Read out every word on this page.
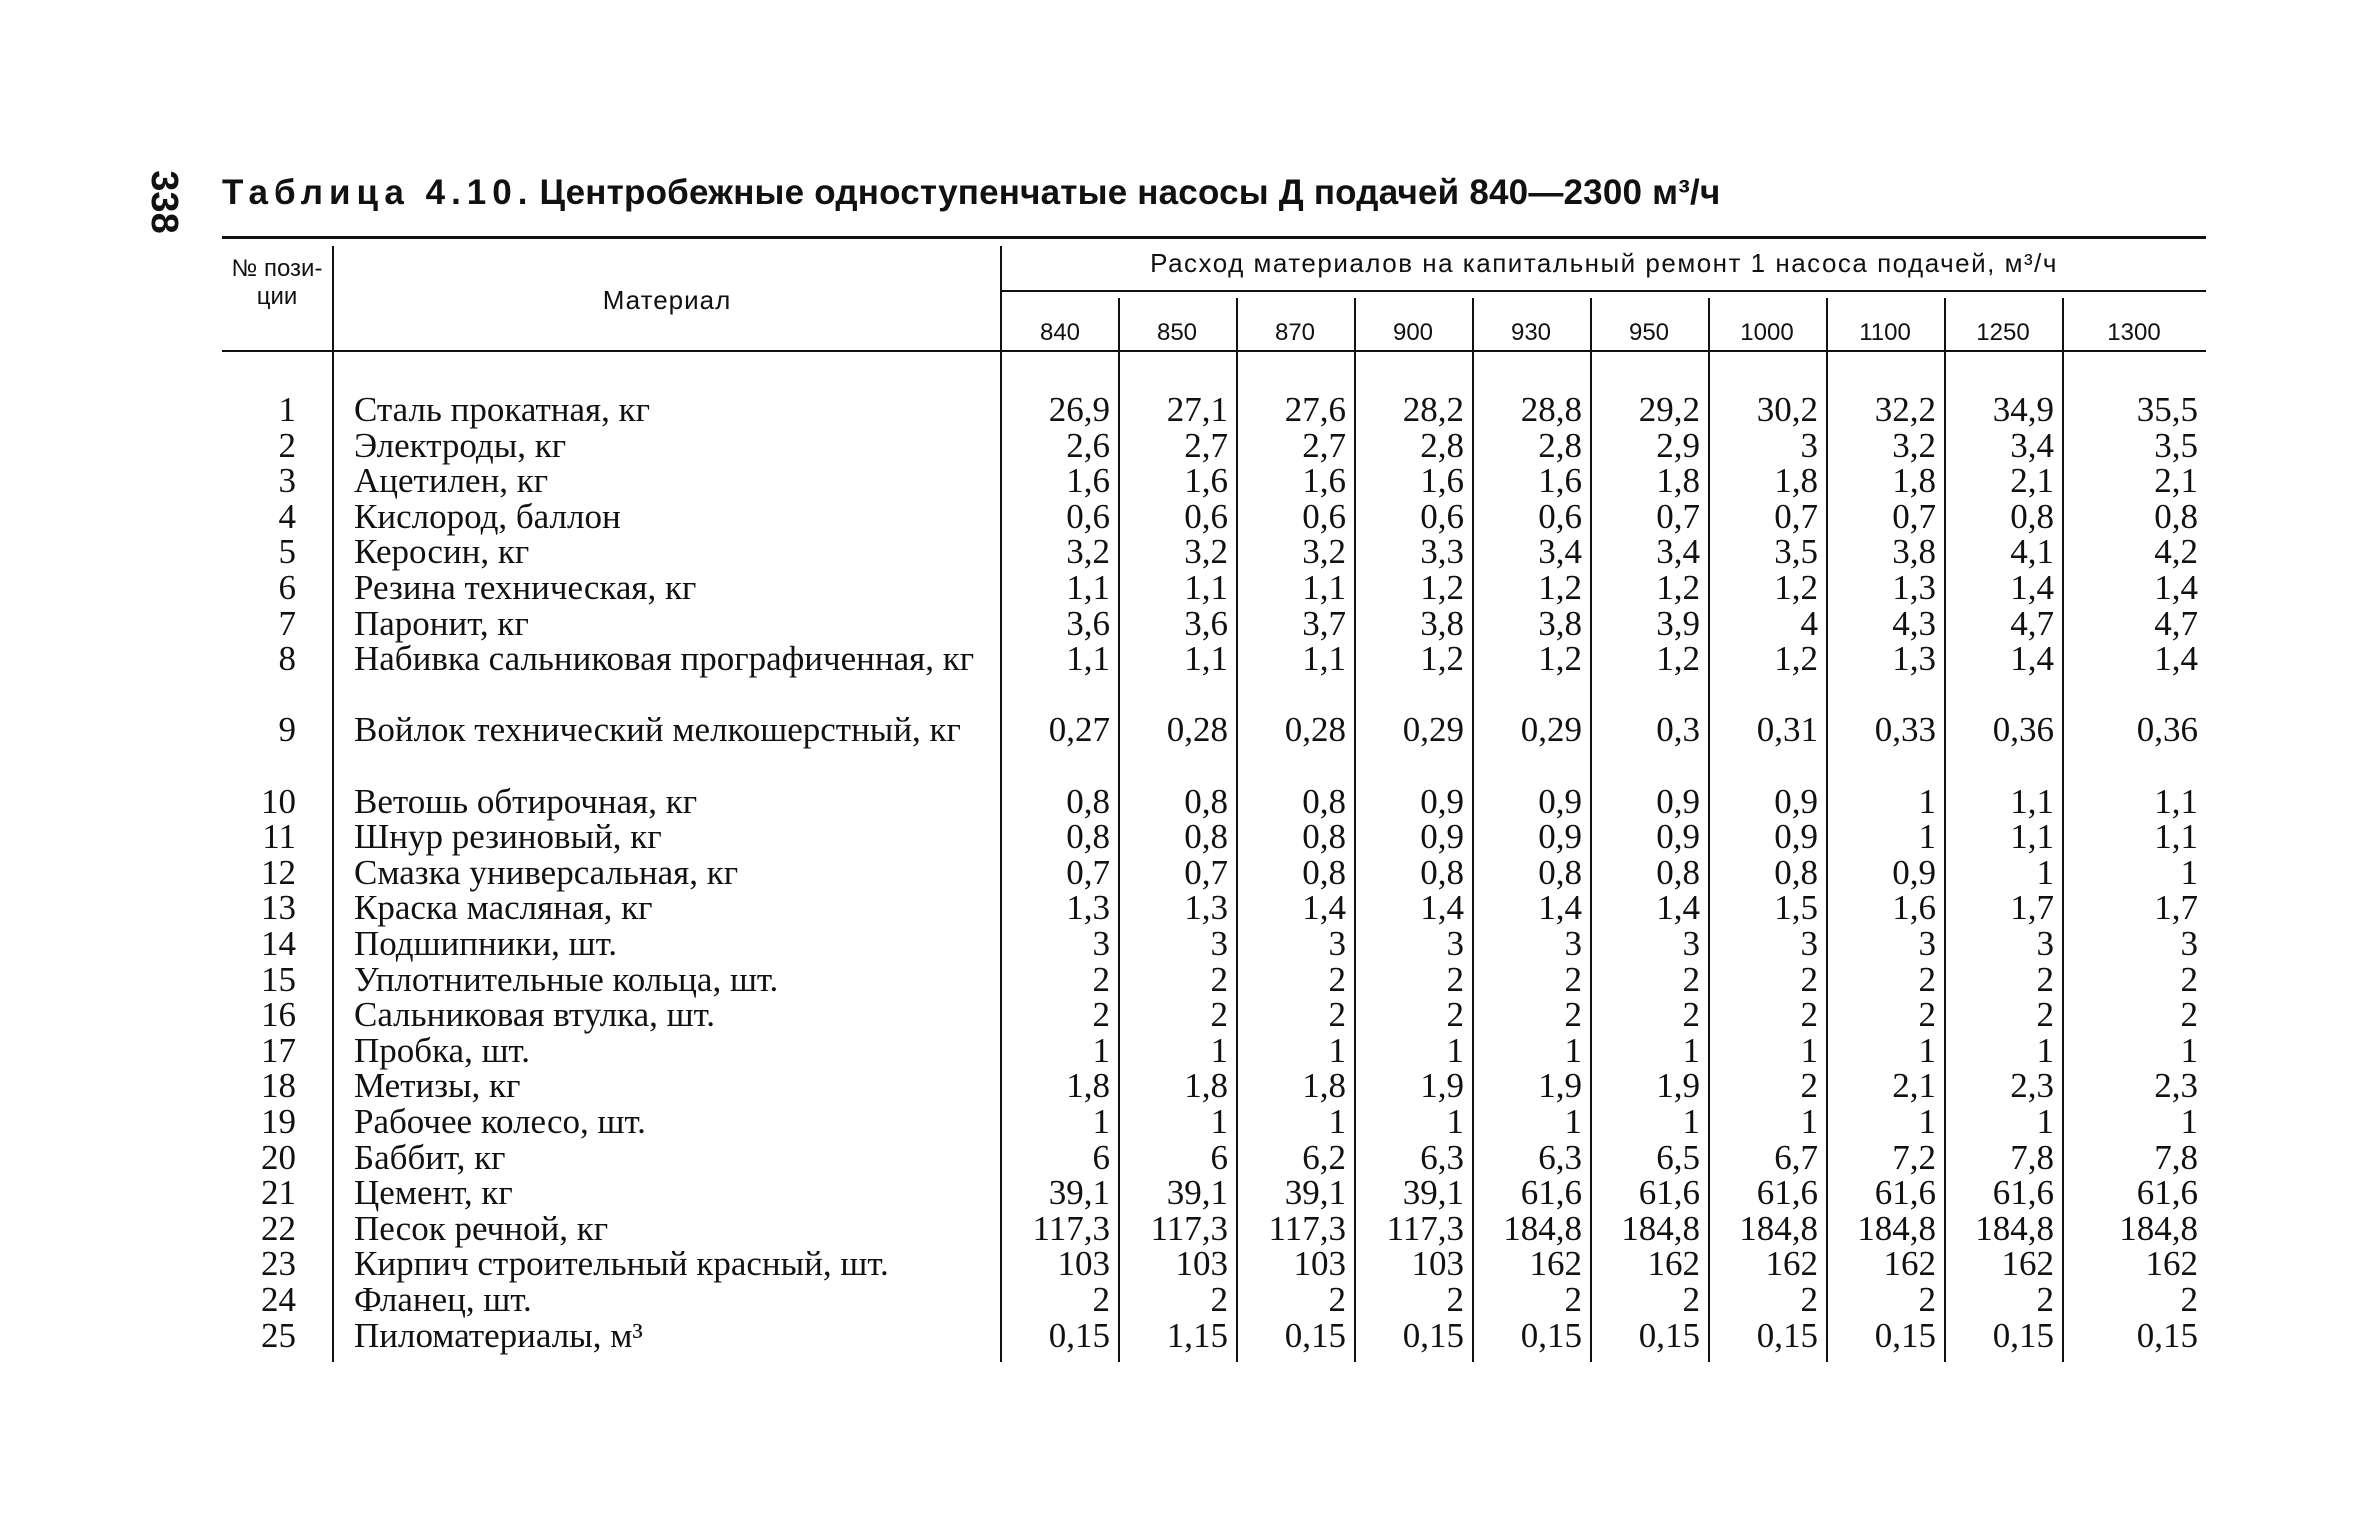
338 Таблица 4.10. Центробежные одноступенчатые насосы Д подачей 840—2300 м³/ч
№ пози- ции	Материал
Расход материалов на капитальный ремонт 1 насоса подачей, м³/ч
840	850	870	900	930	950	1000	1100	1250	1300
1 Сталь прокатная, кг	26,9	27,1	27,6	28,2	28,8	29,2	30,2	32,2	34,9	35,5
2 Электроды, кг	2,6	2,7	2,7	2,8	2,8	2,9	3	3,2	3,4	3,5
3 Ацетилен, кг	1,6	1,6	1,6	1,6	1,6	1,8	1,8	1,8	2,1	2,1
4 Кислород, баллон	0,6	0,6	0,6	0,6	0,6	0,7	0,7	0,7	0,8	0,8
5 Керосин, кг	3,2	3,2	3,2	3,3	3,4	3,4	3,5	3,8	4,1	4,2
6 Резина техническая, кг	1,1	1,1	1,1	1,2	1,2	1,2	1,2	1,3	1,4	1,4
7 Паронит, кг	3,6	3,6	3,7	3,8	3,8	3,9	4	4,3	4,7	4,7
8 Набивка сальниковая прографиченная, кг	1,1	1,1	1,1	1,2	1,2	1,2	1,2	1,3	1,4	1,4
9 Войлок технический мелкошерстный, кг	0,27	0,28	0,28	0,29	0,29	0,3	0,31	0,33	0,36	0,36
10 Ветошь обтирочная, кг	0,8	0,8	0,8	0,9	0,9	0,9	0,9	1	1,1	1,1
11 Шнур резиновый, кг	0,8	0,8	0,8	0,9	0,9	0,9	0,9	1	1,1	1,1
12 Смазка универсальная, кг	0,7	0,7	0,8	0,8	0,8	0,8	0,8	0,9	1	1
13 Краска масляная, кг	1,3	1,3	1,4	1,4	1,4	1,4	1,5	1,6	1,7	1,7
14 Подшипники, шт.	3	3	3	3	3	3	3	3	3	3
15 Уплотнительные кольца, шт.	2	2	2	2	2	2	2	2	2	2
16 Сальниковая втулка, шт.	2	2	2	2	2	2	2	2	2	2
17 Пробка, шт.	1	1	1	1	1	1	1	1	1	1
18 Метизы, кг	1,8	1,8	1,8	1,9	1,9	1,9	2	2,1	2,3	2,3
19 Рабочее колесо, шт.	1	1	1	1	1	1	1	1	1	1
20 Баббит, кг	6	6	6,2	6,3	6,3	6,5	6,7	7,2	7,8	7,8
21 Цемент, кг	39,1	39,1	39,1	39,1	61,6	61,6	61,6	61,6	61,6	61,6
22 Песок речной, кг	117,3	117,3	117,3	117,3	184,8	184,8	184,8	184,8	184,8	184,8
23 Кирпич строительный красный, шт.	103	103	103	103	162	162	162	162	162	162
24 Фланец, шт.	2	2	2	2	2	2	2	2	2	2
25 Пиломатериалы, м³	0,15	1,15	0,15	0,15	0,15	0,15	0,15	0,15	0,15	0,15
